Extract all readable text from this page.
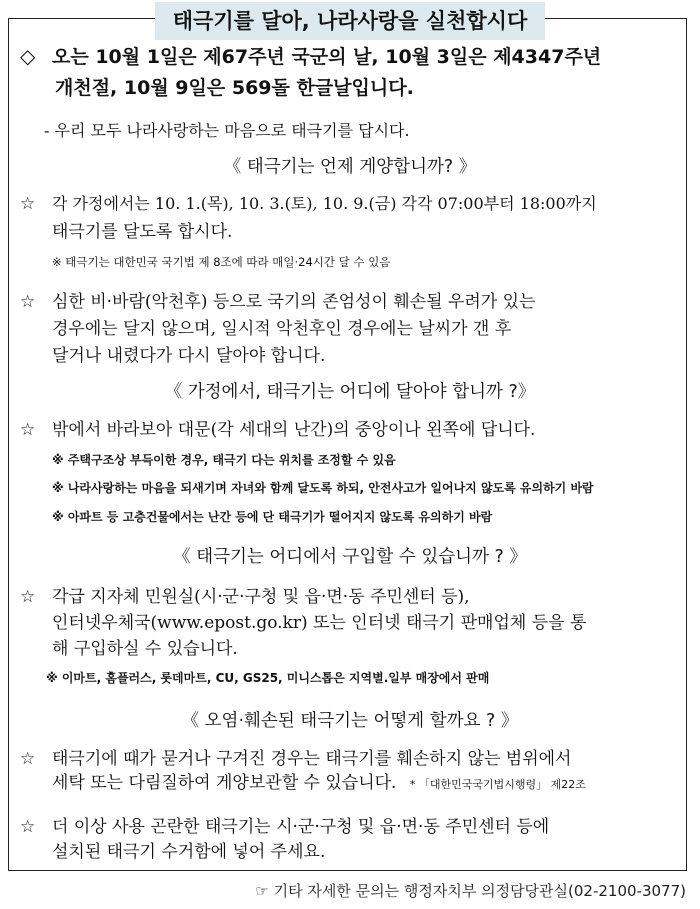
태극기를 달아, 나라사랑을 실천합시다
◇ 오는 10월 1일은 제67주년 국군의 날, 10월 3일은 제4347주년
개천절, 10월 9일은 569돌 한글날입니다.
- 우리 모두 나라사랑하는 마음으로 태극기를 답시다.
《 태극기는 언제 게양합니까? 》
☆ 각 가정에서는 10. 1.(목), 10. 3.(토), 10. 9.(금) 각각 07:00부터 18:00까지
태극기를 달도록 합시다.
※ 태극기는 대한민국 국기법 제 8조에 따라 매일·24시간 달 수 있음
☆ 심한 비·바람(악천후) 등으로 국기의 존엄성이 훼손될 우려가 있는
경우에는 달지 않으며, 일시적 악천후인 경우에는 날씨가 갠 후
달거나 내렸다가 다시 달아야 합니다.
《 가정에서, 태극기는 어디에 달아야 합니까 ?》
☆ 밖에서 바라보아 대문(각 세대의 난간)의 중앙이나 왼쪽에 답니다.
※ 주택구조상 부득이한 경우, 태극기 다는 위치를 조정할 수 있음
※ 나라사랑하는 마음을 되새기며 자녀와 함께 달도록 하되, 안전사고가 일어나지 않도록 유의하기 바람
※ 아파트 등 고층건물에서는 난간 등에 단 태극기가 떨어지지 않도록 유의하기 바람
《 태극기는 어디에서 구입할 수 있습니까 ? 》
☆ 각급 지자체 민원실(시·군·구청 및 읍·면·동 주민센터 등),
인터넷우체국(www.epost.go.kr) 또는 인터넷 태극기 판매업체 등을 통
해 구입하실 수 있습니다.
※ 이마트, 홈플러스, 롯데마트, CU, GS25, 미니스톱은 지역별.일부 매장에서 판매
《 오염·훼손된 태극기는 어떻게 할까요 ? 》
☆ 태극기에 때가 묻거나 구겨진 경우는 태극기를 훼손하지 않는 범위에서
세탁 또는 다림질하여 게양보관할 수 있습니다. * 「대한민국국기법시행령」 제22조
☆ 더 이상 사용 곤란한 태극기는 시·군·구청 및 읍·면·동 주민센터 등에
설치된 태극기 수거함에 넣어 주세요.
☞ 기타 자세한 문의는 행정자치부 의정담당관실(02-2100-3077)
